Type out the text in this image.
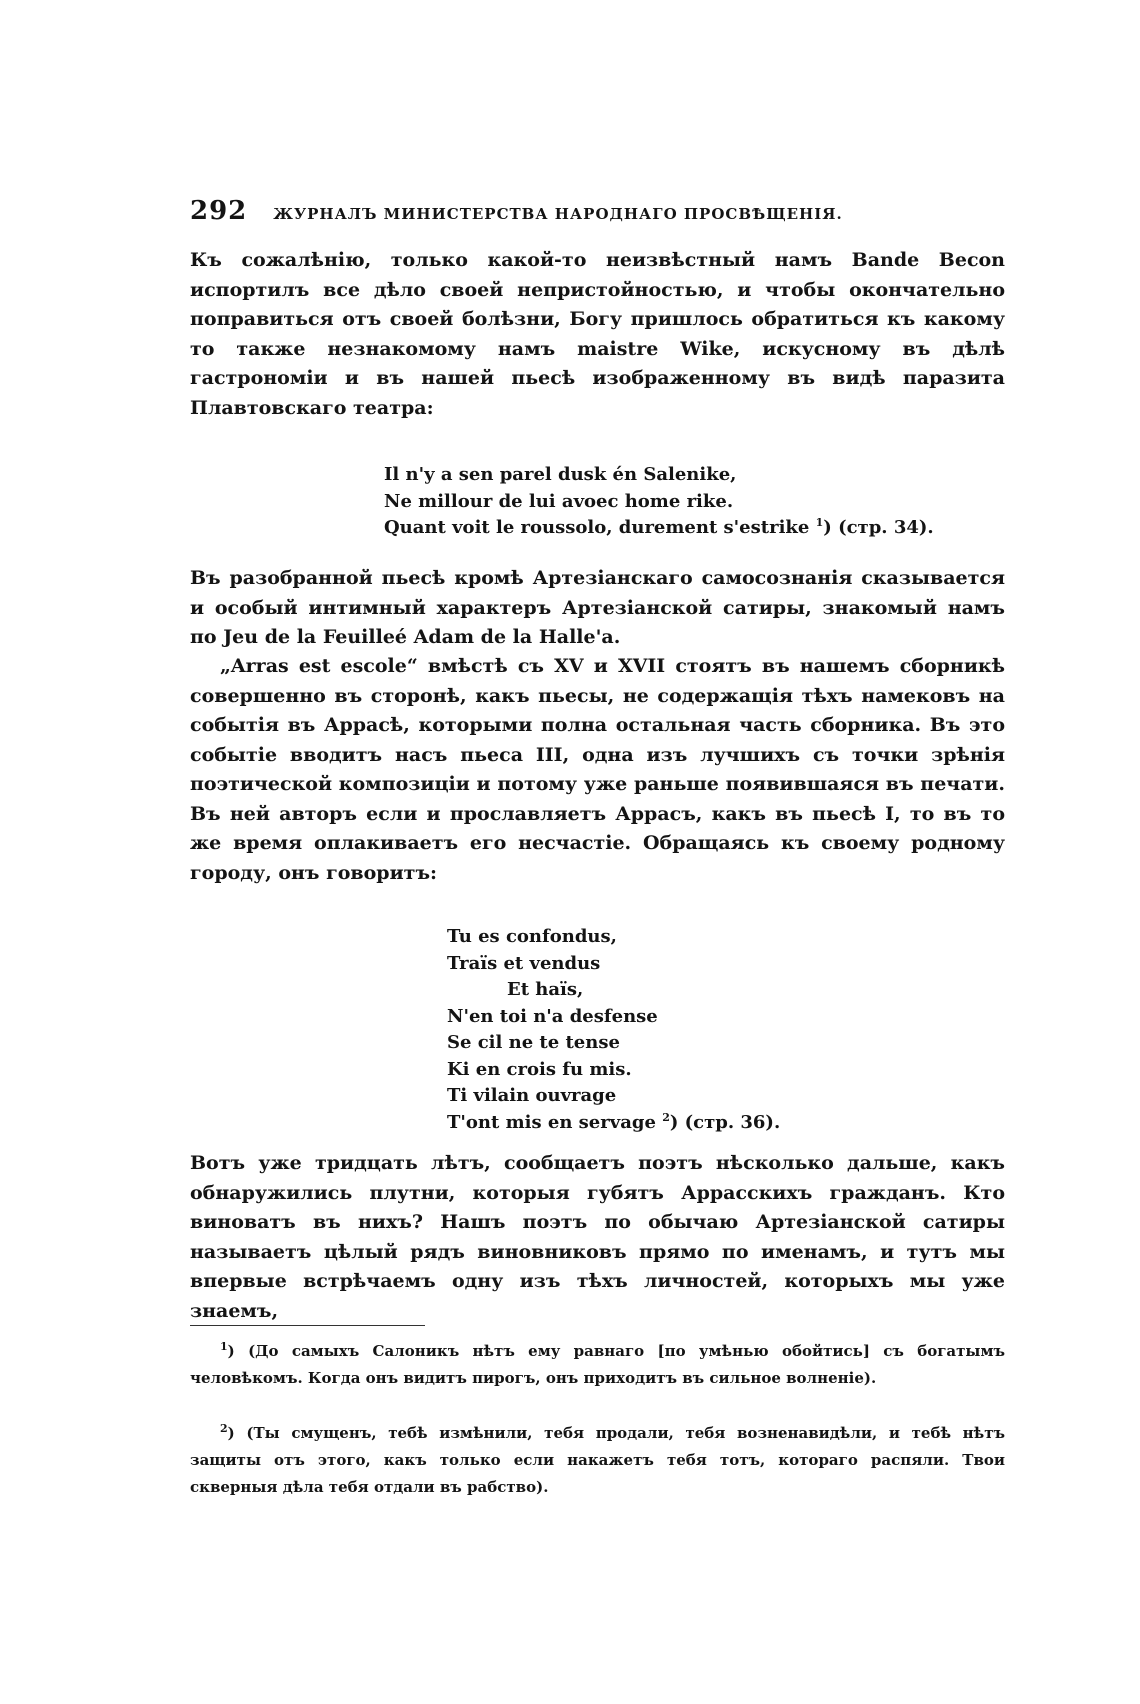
292 ЖУРНАЛЪ МИНИСТЕРСТВА НАРОДНАГО ПРОСВѢЩЕНІЯ.

Къ сожалѣнію, только какой-то неизвѣстный намъ Bande Becon испортилъ все дѣло своей непристойностью, и чтобы окончательно поправиться отъ своей болѣзни, Богу пришлось обратиться къ какому то также незнакомому намъ maistre Wike, искусному въ дѣлѣ гастрономіи и въ нашей пьесѣ изображенному въ видѣ паразита Плавтовскаго театра:

Il n'y a sen parel dusk én Salenike,
Ne millour de lui avoec home rike.
Quant voit le roussolo, durement s'estrike $^1$) (стр. 34).

Въ разобранной пьесѣ кромѣ Артезіанскаго самосознанія сказывается и особый интимный характеръ Артезіанской сатиры, знакомый намъ по Jeu de la Feuilleé Adam de la Halle'a.

„Arras est escole“ вмѣстѣ съ XV и XVII стоятъ въ нашемъ сборникѣ совершенно въ сторонѣ, какъ пьесы, не содержащія тѣхъ намековъ на событія въ Аррасѣ, которыми полна остальная часть сборника. Въ это событіе вводитъ насъ пьеса III, одна изъ лучшихъ съ точки зрѣнія поэтической композиціи и потому уже раньше появившаяся въ печати. Въ ней авторъ если и прославляетъ Аррасъ, какъ въ пьесѣ I, то въ то же время оплакиваетъ его несчастіе. Обращаясь къ своему родному городу, онъ говоритъ:

Tu es confondus,
Traïs et vendus
Et haïs,
N'en toi n'a desfense
Se cil ne te tense
Ki en crois fu mis.
Ti vilain ouvrage
T'ont mis en servage $^2$) (стр. 36).

Вотъ уже тридцать лѣтъ, сообщаетъ поэтъ нѣсколько дальше, какъ обнаружились плутни, которыя губятъ Аррасскихъ гражданъ. Кто виноватъ въ нихъ? Нашъ поэтъ по обычаю Артезіанской сатиры называетъ цѣлый рядъ виновниковъ прямо по именамъ, и тутъ мы впервые встрѣчаемъ одну изъ тѣхъ личностей, которыхъ мы уже знаемъ,

$^1$) (До самыхъ Салоникъ нѣтъ ему равнаго [по умѣнью обойтись] съ богатымъ человѣкомъ. Когда онъ видитъ пирогъ, онъ приходитъ въ сильное волненіе).

$^2$) (Ты смущенъ, тебѣ измѣнили, тебя продали, тебя возненавидѣли, и тебѣ нѣтъ защиты отъ этого, какъ только если накажетъ тебя тотъ, котораго распяли. Твои скверныя дѣла тебя отдали въ рабство).
